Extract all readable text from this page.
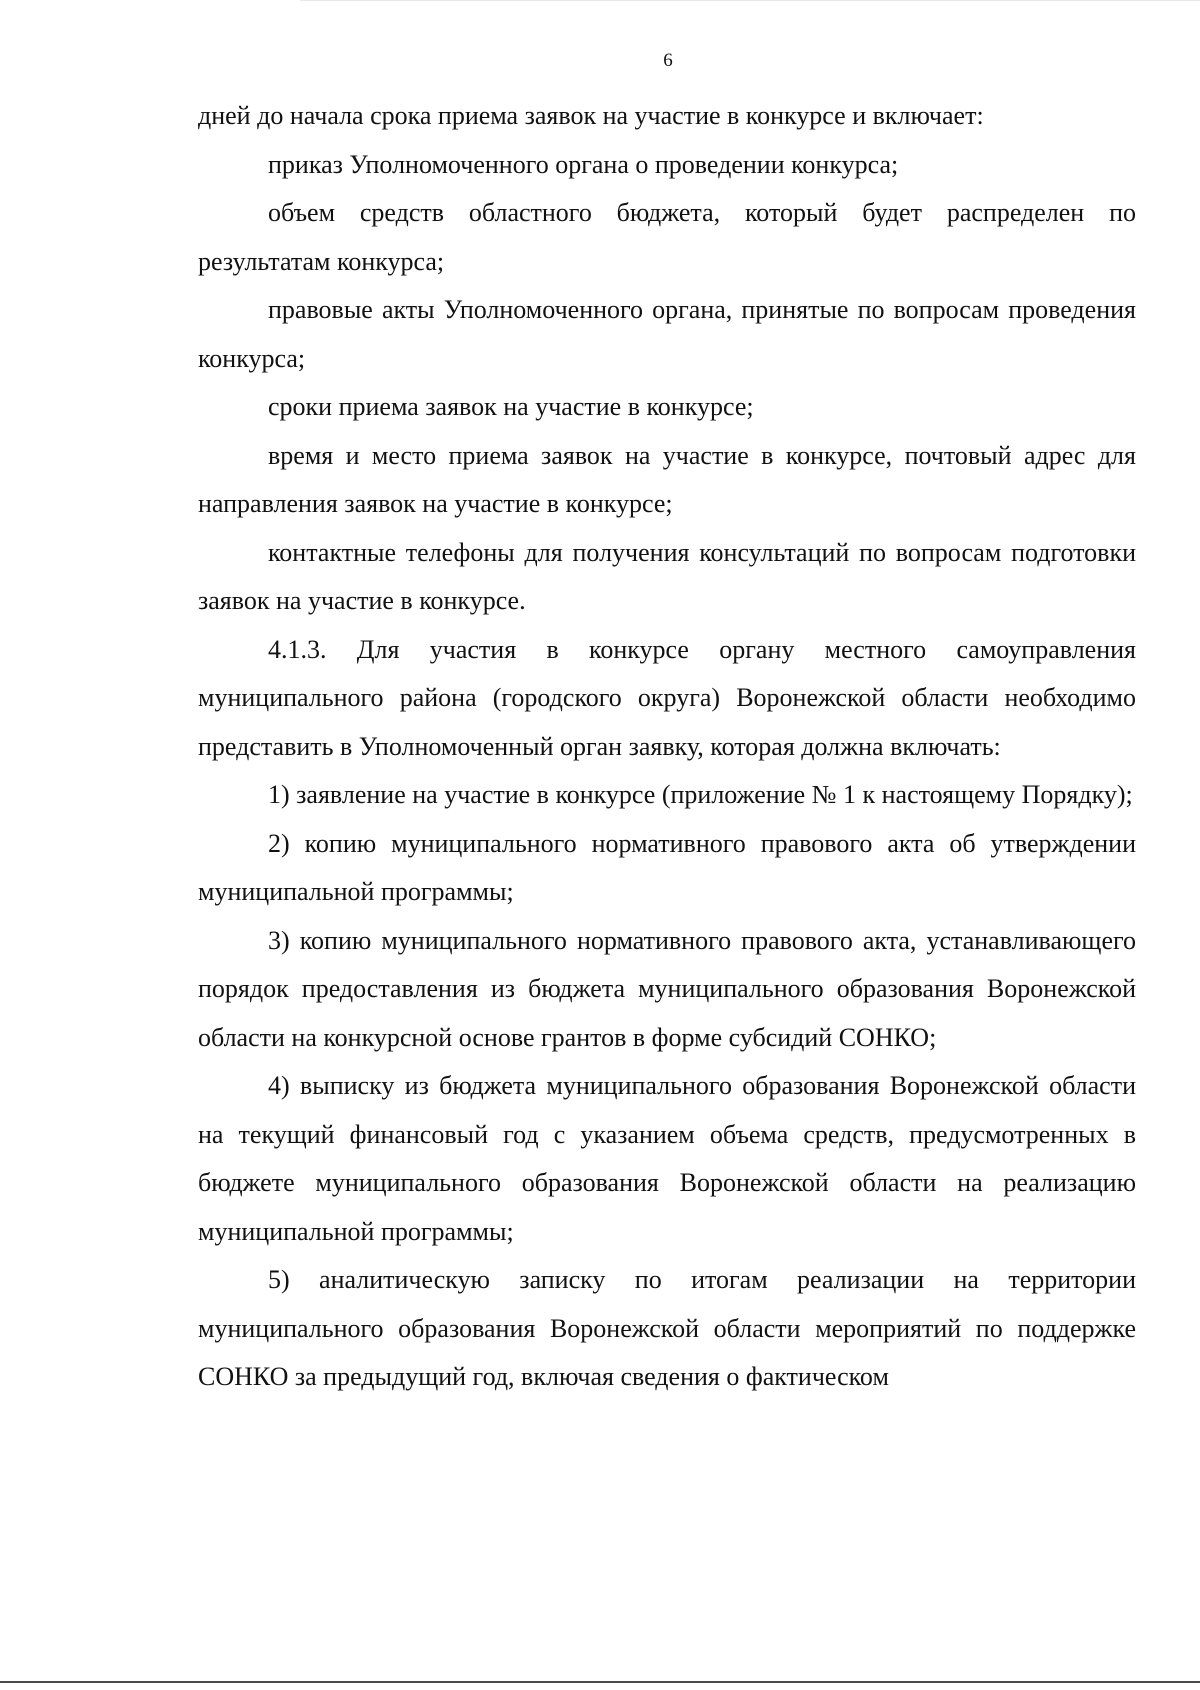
6

дней до начала срока приема заявок на участие в конкурсе и включает:

приказ Уполномоченного органа о проведении конкурса;

объем средств областного бюджета, который будет распределен по результатам конкурса;

правовые акты Уполномоченного органа, принятые по вопросам проведения конкурса;

сроки приема заявок на участие в конкурсе;

время и место приема заявок на участие в конкурсе, почтовый адрес для направления заявок на участие в конкурсе;

контактные телефоны для получения консультаций по вопросам подготовки заявок на участие в конкурсе.

4.1.3. Для участия в конкурсе органу местного самоуправления муниципального района (городского округа) Воронежской области необходимо представить в Уполномоченный орган заявку, которая должна включать:

1) заявление на участие в конкурсе (приложение № 1 к настоящему Порядку);

2) копию муниципального нормативного правового акта об утверждении муниципальной программы;

3) копию муниципального нормативного правового акта, устанавливающего порядок предоставления из бюджета муниципального образования Воронежской области на конкурсной основе грантов в форме субсидий СОНКО;

4) выписку из бюджета муниципального образования Воронежской области на текущий финансовый год с указанием объема средств, предусмотренных в бюджете муниципального образования Воронежской области на реализацию муниципальной программы;

5) аналитическую записку по итогам реализации на территории муниципального образования Воронежской области мероприятий по поддержке СОНКО за предыдущий год, включая сведения о фактическом
